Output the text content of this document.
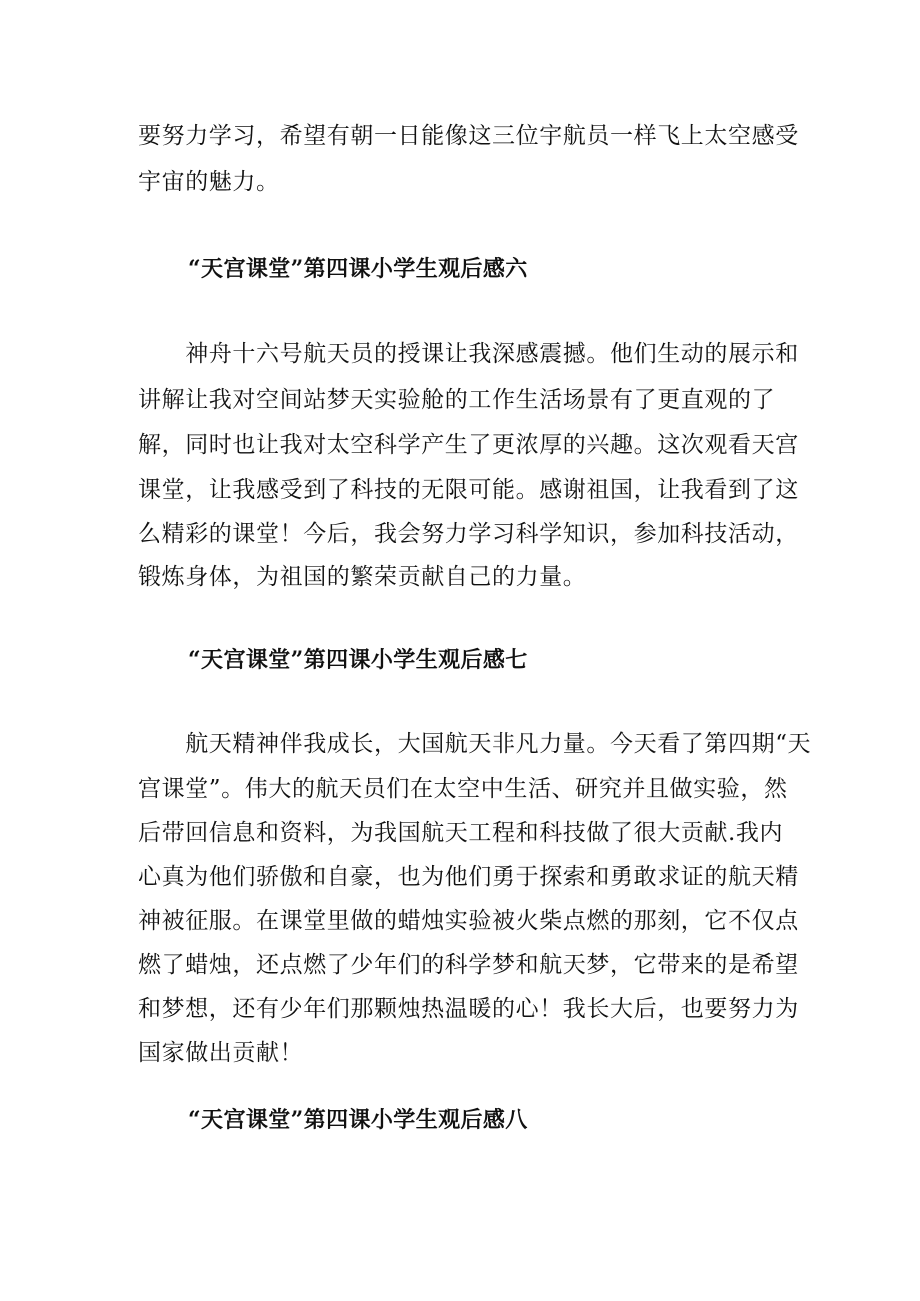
要努力学习，希望有朝一日能像这三位宇航员一样飞上太空感受

宇宙的魅力。

“天宫课堂”第四课小学生观后感六

　　神舟十六号航天员的授课让我深感震撼。他们生动的展示和

讲解让我对空间站梦天实验舱的工作生活场景有了更直观的了

解，同时也让我对太空科学产生了更浓厚的兴趣。这次观看天宫

课堂，让我感受到了科技的无限可能。感谢祖国，让我看到了这

么精彩的课堂！今后，我会努力学习科学知识，参加科技活动，

锻炼身体，为祖国的繁荣贡献自己的力量。

“天宫课堂”第四课小学生观后感七

　　航天精神伴我成长，大国航天非凡力量。今天看了第四期“天

宫课堂”。伟大的航天员们在太空中生活、研究并且做实验，然

后带回信息和资料，为我国航天工程和科技做了很大贡献.我内

心真为他们骄傲和自豪，也为他们勇于探索和勇敢求证的航天精

神被征服。在课堂里做的蜡烛实验被火柴点燃的那刻，它不仅点

燃了蜡烛，还点燃了少年们的科学梦和航天梦，它带来的是希望

和梦想，还有少年们那颗烛热温暖的心！我长大后，也要努力为

国家做出贡献！

“天宫课堂”第四课小学生观后感八
